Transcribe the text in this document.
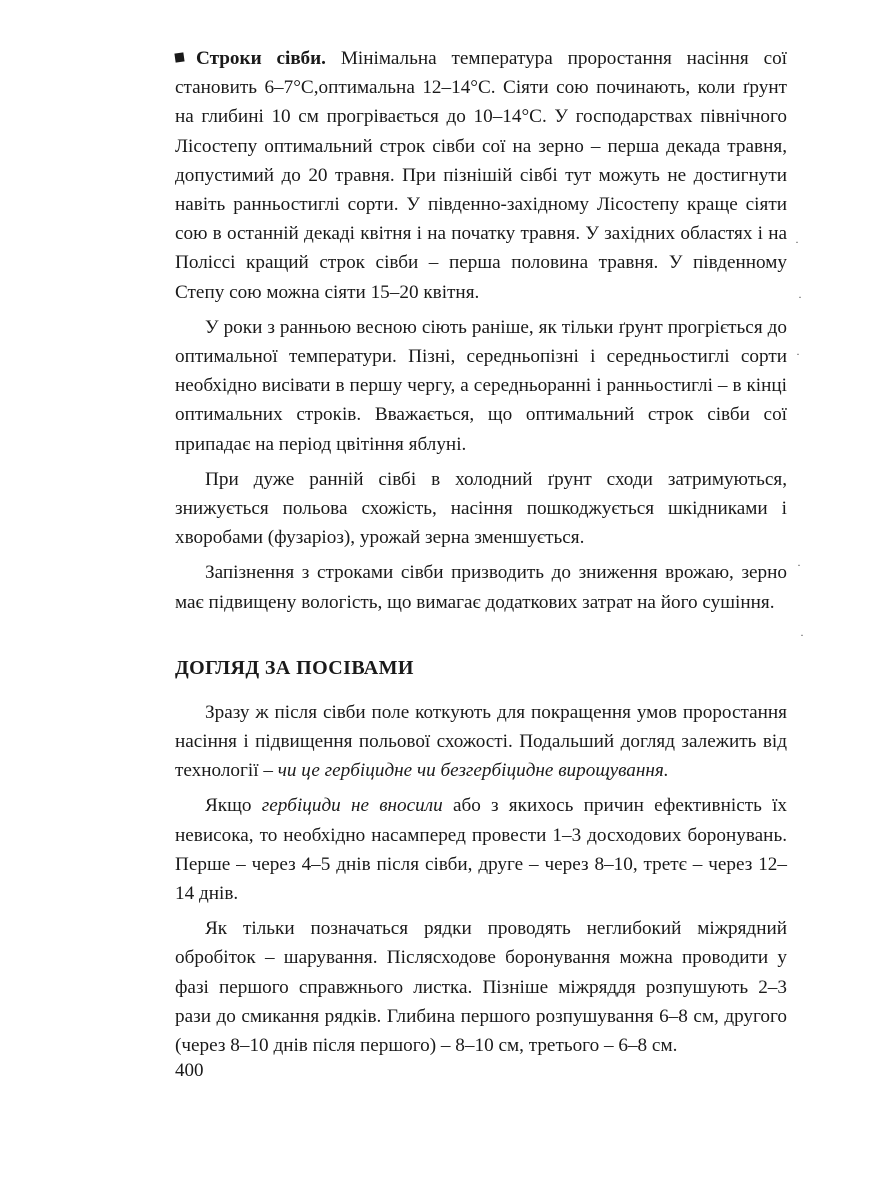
Строки сівби. Мінімальна температура проростання насіння сої становить 6–7°С,оптимальна 12–14°С. Сіяти сою починають, коли ґрунт на глибині 10 см прогрівається до 10–14°С. У господарствах північного Лісостепу оптимальний строк сівби сої на зерно – перша декада травня, допустимий до 20 травня. При пізнішій сівбі тут можуть не достигнути навіть ранньостиглі сорти. У південно-західному Лісостепу краще сіяти сою в останній декаді квітня і на початку травня. У західних областях і на Поліссі кращий строк сівби – перша половина травня. У південному Степу сою можна сіяти 15–20 квітня.

У роки з ранньою весною сіють раніше, як тільки ґрунт прогріється до оптимальної температури. Пізні, середньопізні і середньостиглі сорти необхідно висівати в першу чергу, а середньоранні і ранньостиглі – в кінці оптимальних строків. Вважається, що оптимальний строк сівби сої припадає на період цвітіння яблуні.

При дуже ранній сівбі в холодний ґрунт сходи затримуються, знижується польова схожість, насіння пошкоджується шкідниками і хворобами (фузаріоз), урожай зерна зменшується.

Запізнення з строками сівби призводить до зниження врожаю, зерно має підвищену вологість, що вимагає додаткових затрат на його сушіння.

ДОГЛЯД ЗА ПОСІВАМИ

Зразу ж після сівби поле коткують для покращення умов проростання насіння і підвищення польової схожості. Подальший догляд залежить від технології – чи це гербіцидне чи безгербіцидне вирощування.

Якщо гербіциди не вносили або з якихось причин ефективність їх невисока, то необхідно насамперед провести 1–3 досходових боронувань. Перше – через 4–5 днів після сівби, друге – через 8–10, третє – через 12–14 днів.

Як тільки позначаться рядки проводять неглибокий міжрядний обробіток – шарування. Післясходове боронування можна проводити у фазі першого справжнього листка. Пізніше міжряддя розпушують 2–3 рази до смикання рядків. Глибина першого розпушування 6–8 см, другого (через 8–10 днів після першого) – 8–10 см, третього – 6–8 см.

400
·
·
·
·
·
